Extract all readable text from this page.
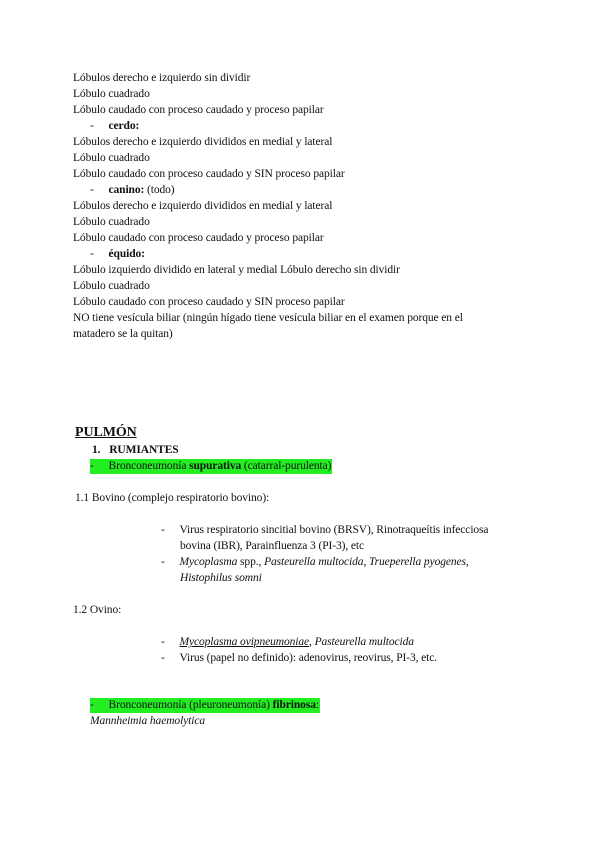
Lóbulos derecho e izquierdo sin dividir
Lóbulo cuadrado
Lóbulo caudado con proceso caudado y proceso papilar
- cerdo:
Lóbulos derecho e izquierdo divididos en medial y lateral
Lóbulo cuadrado
Lóbulo caudado con proceso caudado y SIN proceso papilar
- canino: (todo)
Lóbulos derecho e izquierdo divididos en medial y lateral
Lóbulo cuadrado
Lóbulo caudado con proceso caudado y proceso papilar
- équido:
Lóbulo izquierdo dividido en lateral y medial Lóbulo derecho sin dividir
Lóbulo cuadrado
Lóbulo caudado con proceso caudado y SIN proceso papilar
NO tiene vesícula biliar (ningún hígado tiene vesícula biliar en el examen porque en el
matadero se la quitan)
PULMÓN
1. RUMIANTES
- Bronconeumonía supurativa (catarral-purulenta)
1.1 Bovino (complejo respiratorio bovino):
- Virus respiratorio sincitial bovino (BRSV), Rinotraqueítis infecciosa
bovina (IBR), Parainfluenza 3 (PI-3), etc
- Mycoplasma spp., Pasteurella multocida, Trueperella pyogenes,
Histophilus somni
1.2 Ovino:
- Mycoplasma ovipneumoniae, Pasteurella multocida
- Virus (papel no definido): adenovirus, reovirus, PI-3, etc.
- Bronconeumonía (pleuroneumonía) fibrinosa:
Mannheimia haemolytica
